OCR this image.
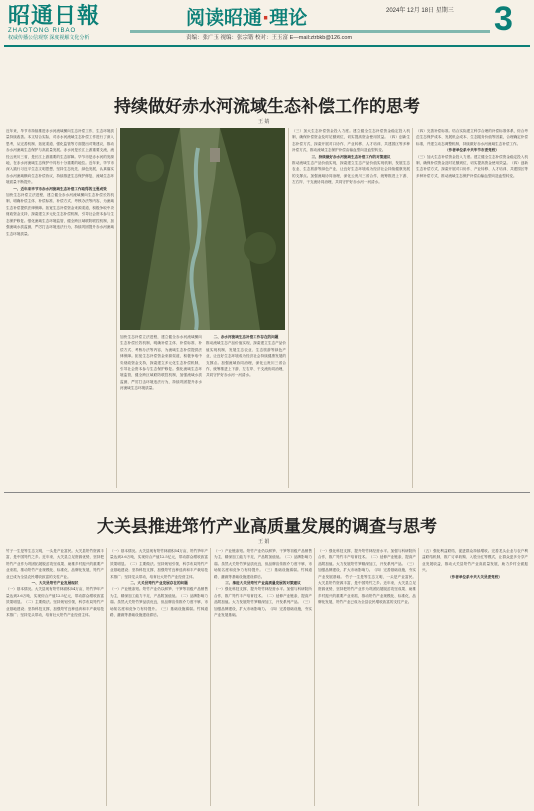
昭通日報
ZHAOTONG RIBAO
权威传播公信观察 深度视解文化分析
阅读昭通·理论	2024年 12月 18日 星期三 3
责编：张广玉 视编：张宗锴 校对：王玉富 E—mail:ztrbkb@126.com
持续做好赤水河流域生态补偿工作的思考
王 婧
近年来，毕节市持续推进赤水河流域横向生态补偿工作，生态环境质量持续改善。本文结合实际，对赤水河流域生态补偿工作进行了深入思考，从完善机制、拓宽渠道、强化监管等方面提出对策建议，推动赤水河流域生态保护与高质量发展。赤水河是长江上游重要支流，流经云贵川三省，是长江上游重要的生态屏障。毕节市是赤水河的发源地，在赤水河流域生态保护中具有十分重要的地位。近年来，毕节市深入践行习近平生态文明思想，坚持生态优先、绿色发展，认真落实赤水河流域横向生态补偿协议，持续推进生态保护修复，流域生态环境质量不断提升。
一、近年来毕节市赤水河流域生态补偿工作取得的主要成效
加快生态补偿立法进程，建立健全赤水河流域横向生态补偿长效机制，明确补偿主体、补偿标准、补偿方式、考核办法等内容，为流域生态补偿提供法律保障。拓宽生态补偿资金来源渠道，积极争取中央财政资金支持，探索建立多元化生态补偿机制，引导社会资本参与生态保护修复。强化流域生态环境监管，健全跨区域联防联控机制，加强流域水质监测，严厉打击环境违法行为，持续巩固提升赤水河流域生态环境质量。
加快生态补偿立法进程，建立健全赤水河流域横向生态补偿长效机制，明确补偿主体、补偿标准、补偿方式、考核办法等内容，为流域生态补偿提供法律保障。拓宽生态补偿资金来源渠道，积极争取中央财政资金支持，探索建立多元化生态补偿机制，引导社会资本参与生态保护修复。强化流域生态环境监管，健全跨区域联防联控机制，加强流域水质监测，严厉打击环境违法行为，持续巩固提升赤水河流域生态环境质量。
二、赤水河流域生态补偿工作存在的问题
推动流域生态产品价值实现，探索建立生态产品价值实现机制，发展生态农业、生态旅游等绿色产业，让良好生态环境成为经济社会持续健康发展的支撑点。加强流域协同治理，深化云贵川三省合作，统筹推进上下游、左右岸、干支流协同治理，共同守护好赤水河一河清水。
（三）加大生态补偿资金投入力度。建立健全生态补偿资金稳定投入机制，确保补偿资金及时足额到位，切实提高资金使用效益。（四）创新生态补偿方式，探索开展对口协作、产业转移、人才培训、共建园区等多种补偿方式，推动流域生态保护补偿由输血型向造血型转变。
三、持续做好赤水河流域生态补偿工作的对策建议
推动流域生态产品价值实现，探索建立生态产品价值实现机制，发展生态农业、生态旅游等绿色产业，让良好生态环境成为经济社会持续健康发展的支撑点。加强流域协同治理，深化云贵川三省合作，统筹推进上下游、左右岸、干支流协同治理，共同守护好赤水河一河清水。
（四）完善补偿标准。结合实际建立科学合理的补偿标准体系，综合考虑生态保护成本、发展机会成本、生态服务价值等因素，合理确定补偿标准，并建立动态调整机制，持续做好赤水河流域生态补偿工作。
（作者单位系中共毕节市委党校）
（三）加大生态补偿资金投入力度。建立健全生态补偿资金稳定投入机制，确保补偿资金及时足额到位，切实提高资金使用效益。（四）创新生态补偿方式，探索开展对口协作、产业转移、人才培训、共建园区等多种补偿方式，推动流域生态保护补偿由输血型向造血型转变。
大关县推进筇竹产业高质量发展的调查与思考
王 娟
竹子一生是等生态文明，一头是产业富民。大关县筇竹资源丰富，是中国筇竹之乡。近年来，大关县立足资源优势，坚持把筇竹产业作为巩固拓展脱贫攻坚成果、助推乡村振兴的重要产业来抓，推动筇竹产业规模化、标准化、品牌化发展，筇竹产业已成为全县农民增收致富的支柱产业。
一、大关县筇竹产业发展现状
（一）基本情况。大关县现有筇竹林面积54万亩，筇竹笋年产量达到3.6万吨，实现综合产值12.5亿元，带动群众增收致富效果明显。（二）主要做法。坚持规划引领，科学布局筇竹产业基地建设；坚持科技支撑，加强筇竹良种选育和丰产栽培技术推广；坚持龙头带动，培育壮大筇竹产业经营主体。
（一）基本情况。大关县现有筇竹林面积54万亩，筇竹笋年产量达到3.6万吨，实现综合产值12.5亿元，带动群众增收致富效果明显。（二）主要做法。坚持规划引领，科学布局筇竹产业基地建设；坚持科技支撑，加强筇竹良种选育和丰产栽培技术推广；坚持龙头带动，培育壮大筇竹产业经营主体。
二、大关县筇竹产业发展存在的问题
（一）产业链条短。筇竹产业仍以鲜笋、干笋等初级产品销售为主，精深加工能力不足，产品附加值低。（二）品牌影响力弱。虽然大关筇竹笋品质优良，但品牌宣传推介力度不够，市场知名度和竞争力有待提升。（三）基础设施薄弱。竹林道路、灌溉等基础设施建设滞后。
（一）产业链条短。筇竹产业仍以鲜笋、干笋等初级产品销售为主，精深加工能力不足，产品附加值低。（二）品牌影响力弱。虽然大关筇竹笋品质优良，但品牌宣传推介力度不够，市场知名度和竞争力有待提升。（三）基础设施薄弱。竹林道路、灌溉等基础设施建设滞后。
三、推进大关县筇竹产业高质量发展的对策建议
（一）强化科技支撑，提升筇竹林经营水平。加强与科研院所合作，推广筇竹丰产培育技术。（二）延伸产业链条，提高产品附加值。大力发展筇竹笋精深加工，开发系列产品。（三）加强品牌建设，扩大市场影响力。（四）完善基础设施，夯实产业发展基础。
（一）强化科技支撑，提升筇竹林经营水平。加强与科研院所合作，推广筇竹丰产培育技术。（二）延伸产业链条，提高产品附加值。大力发展筇竹笋精深加工，开发系列产品。（三）加强品牌建设，扩大市场影响力。（四）完善基础设施，夯实产业发展基础。 竹子一生是等生态文明，一头是产业富民。大关县筇竹资源丰富，是中国筇竹之乡。近年来，大关县立足资源优势，坚持把筇竹产业作为巩固拓展脱贫攻坚成果、助推乡村振兴的重要产业来抓，推动筇竹产业规模化、标准化、品牌化发展，筇竹产业已成为全县农民增收致富的支柱产业。
（五）强化利益联结，促进群众持续增收。完善龙头企业与农户利益联结机制，推广订单收购、入股分红等模式，让群众更多分享产业发展收益，推动大关县筇竹产业高质量发展，助力乡村全面振兴。
（作者单位系中共大关县委党校）
